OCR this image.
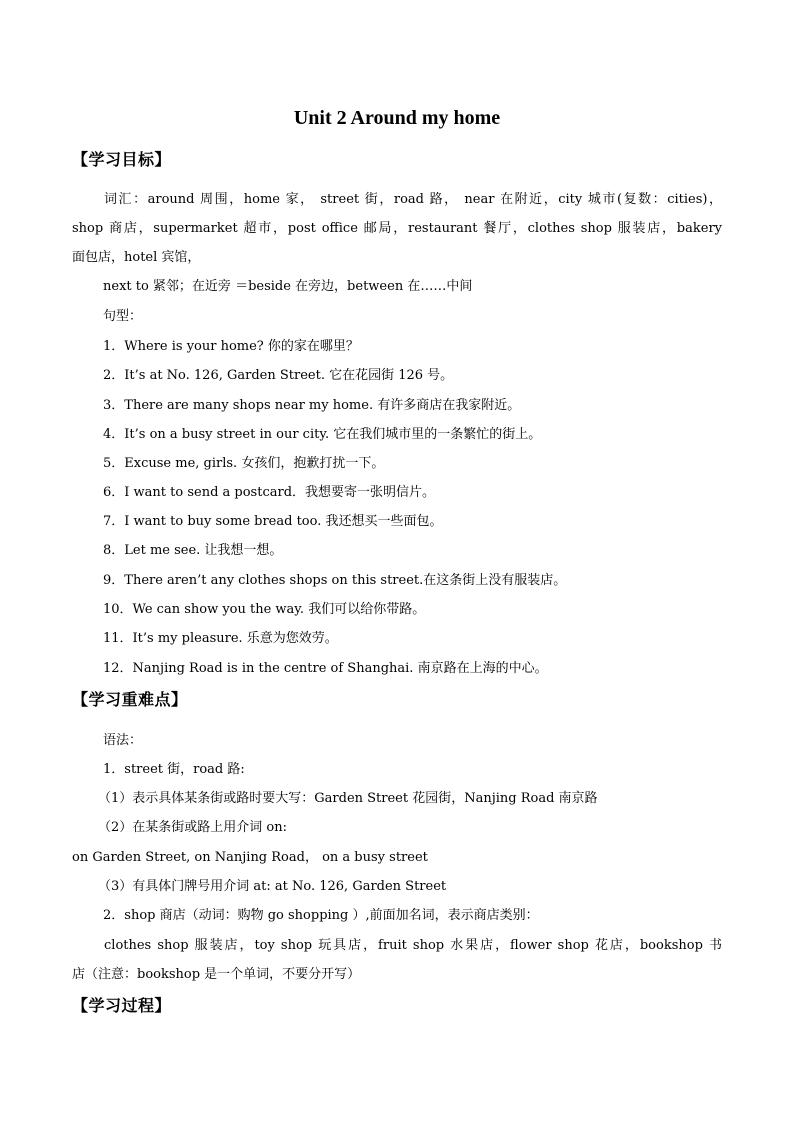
Unit 2 Around my home
【学习目标】
词汇：around 周围，home 家， street 街，road 路， near 在附近，city 城市(复数：cities)，
shop 商店，supermarket 超市，post office 邮局，restaurant 餐厅，clothes shop 服装店，bakery
面包店，hotel 宾馆，
next to 紧邻；在近旁 ＝beside 在旁边，between 在……中间
句型：
1．Where is your home? 你的家在哪里？
2．It’s at No. 126, Garden Street. 它在花园街 126 号。
3．There are many shops near my home. 有许多商店在我家附近。
4．It’s on a busy street in our city. 它在我们城市里的一条繁忙的街上。
5．Excuse me, girls. 女孩们，抱歉打扰一下。
6．I want to send a postcard．我想要寄一张明信片。
7．I want to buy some bread too. 我还想买一些面包。
8．Let me see. 让我想一想。
9．There aren’t any clothes shops on this street.在这条街上没有服装店。
10．We can show you the way. 我们可以给你带路。
11．It’s my pleasure. 乐意为您效劳。
12．Nanjing Road is in the centre of Shanghai. 南京路在上海的中心。
【学习重难点】
语法：
1．street 街，road 路:
（1）表示具体某条街或路时要大写：Garden Street 花园街，Nanjing Road 南京路
（2）在某条街或路上用介词 on:
on Garden Street, on Nanjing Road， on a busy street
（3）有具体门牌号用介词 at: at No. 126, Garden Street
2．shop 商店（动词：购物 go shopping ）,前面加名词，表示商店类别：
clothes shop 服装店，toy shop 玩具店，fruit shop 水果店，flower shop 花店，bookshop 书
店（注意：bookshop 是一个单词，不要分开写）
【学习过程】
